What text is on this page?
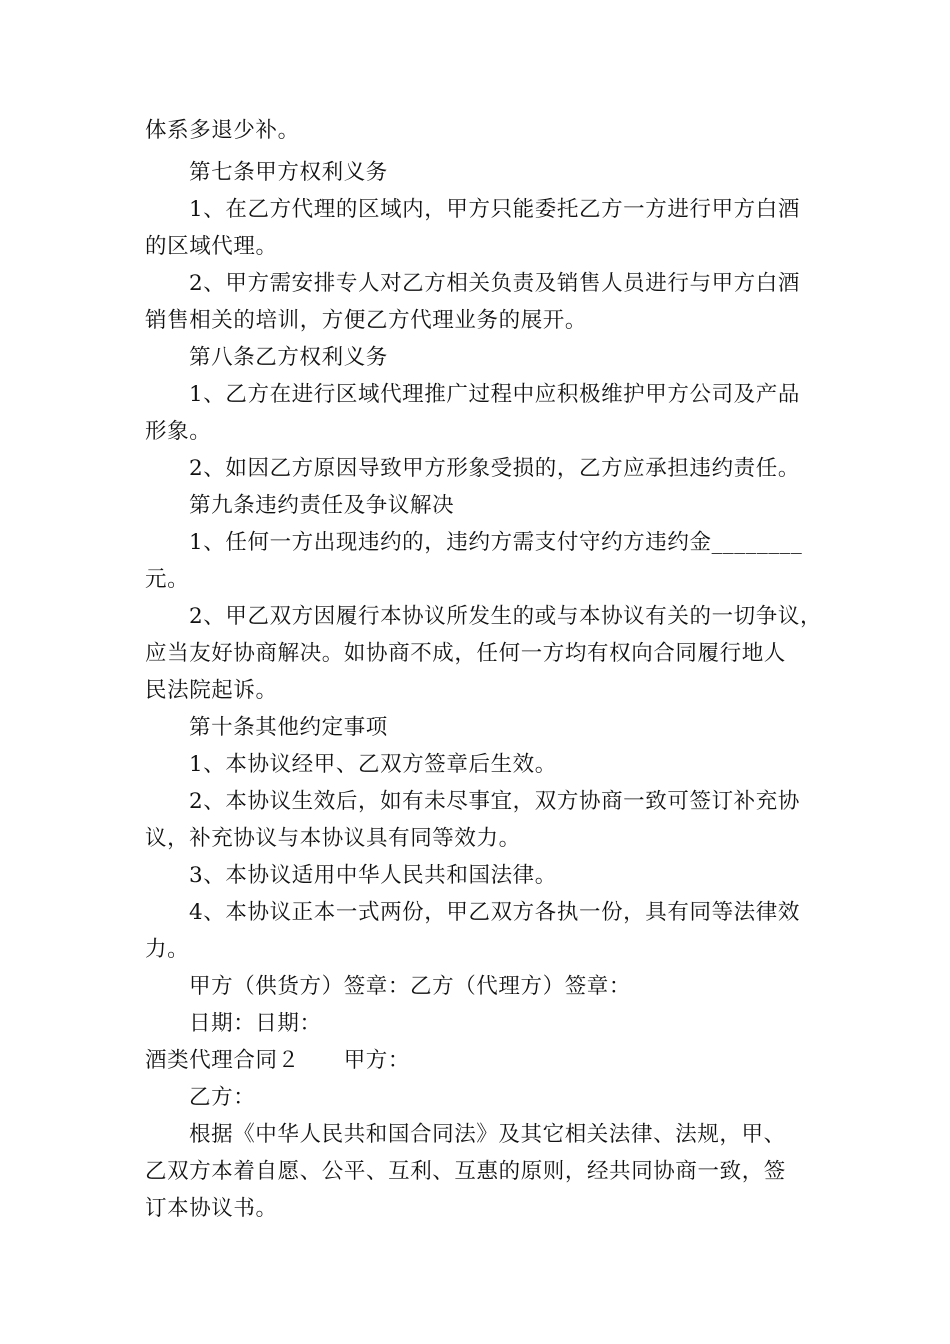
体系多退少补。
第七条甲方权利义务
1、在乙方代理的区域内，甲方只能委托乙方一方进行甲方白酒
的区域代理。
2、甲方需安排专人对乙方相关负责及销售人员进行与甲方白酒
销售相关的培训，方便乙方代理业务的展开。
第八条乙方权利义务
1、乙方在进行区域代理推广过程中应积极维护甲方公司及产品
形象。
2、如因乙方原因导致甲方形象受损的，乙方应承担违约责任。
第九条违约责任及争议解决
1、任何一方出现违约的，违约方需支付守约方违约金________
元。
2、甲乙双方因履行本协议所发生的或与本协议有关的一切争议，
应当友好协商解决。如协商不成，任何一方均有权向合同履行地人
民法院起诉。
第十条其他约定事项
1、本协议经甲、乙双方签章后生效。
2、本协议生效后，如有未尽事宜，双方协商一致可签订补充协
议，补充协议与本协议具有同等效力。
3、本协议适用中华人民共和国法律。
4、本协议正本一式两份，甲乙双方各执一份，具有同等法律效
力。
甲方（供货方）签章：乙方（代理方）签章：
日期：日期：
酒类代理合同２ 甲方：
乙方：
根据《中华人民共和国合同法》及其它相关法律、法规，甲、
乙双方本着自愿、公平、互利、互惠的原则，经共同协商一致，签
订本协议书。
